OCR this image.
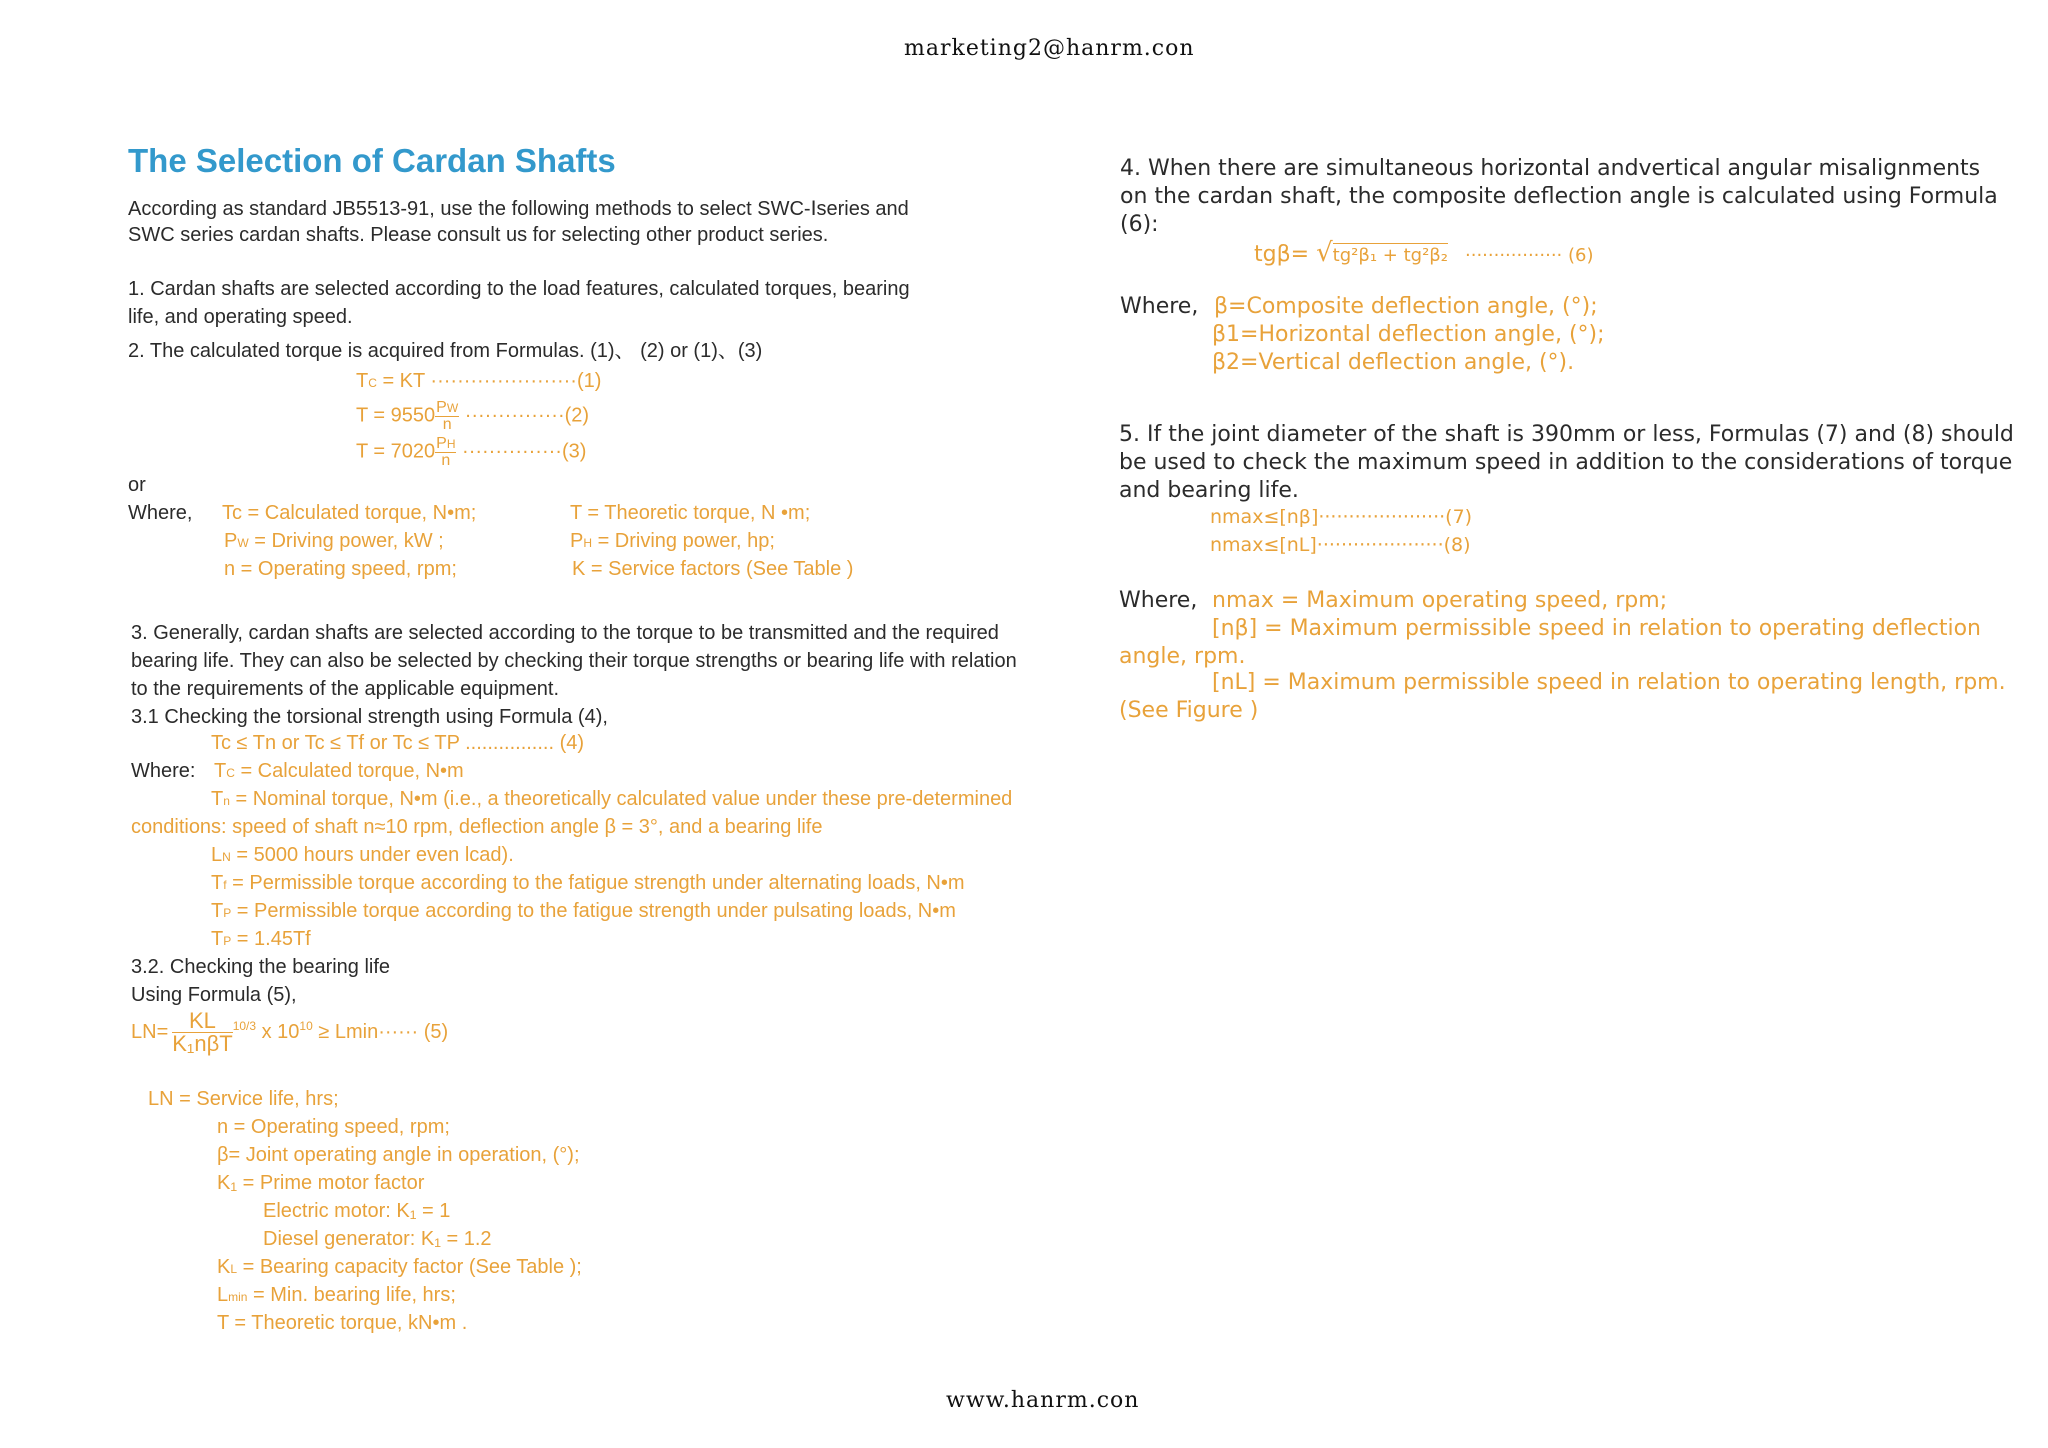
marketing2@hanrm.con
www.hanrm.con
The Selection of Cardan Shafts
According as standard JB5513-91, use the following methods to select SWC-Ⅰseries and
SWC series cardan shafts. Please consult us for selecting other product series.
1. Cardan shafts are selected according to the load features, calculated torques, bearing
life, and operating speed.
2. The calculated torque is acquired from Formulas. (1)、 (2) or (1)、(3)
TC = KT ······················(1)
$T = 9550 \frac{PW}{n} \cdot\cdot\cdot\cdot\cdot\cdot\cdot\cdot\cdot\cdot\cdot\cdot\cdot\cdot\cdot(2)$
$T = 7020 \frac{PH}{n} \cdot\cdot\cdot\cdot\cdot\cdot\cdot\cdot\cdot\cdot\cdot\cdot\cdot\cdot\cdot(3)$
or
Where, Tc = Calculated torque, N•m;	T = Theoretic torque, N •m;
PW = Driving power, kW ;	PH = Driving power, hp;
n = Operating speed, rpm;	K = Service factors (See Table )
3. Generally, cardan shafts are selected according to the torque to be transmitted and the required
bearing life. They can also be selected by checking their torque strengths or bearing life with relation
to the requirements of the applicable equipment.
3.1 Checking the torsional strength using Formula (4),
Tc ≤ Tn or Tc ≤ Tf or Tc ≤ TP ................ (4)
Where: TC = Calculated torque, N•m
Tn = Nominal torque, N•m (i.e., a theoretically calculated value under these pre-determined
conditions: speed of shaft n≈10 rpm, deflection angle β = 3°, and a bearing life
LN = 5000 hours under even lcad).
Tf = Permissible torque according to the fatigue strength under alternating loads, N•m
TP = Permissible torque according to the fatigue strength under pulsating loads, N•m
TP = 1.45Tf
3.2. Checking the bearing life
Using Formula (5),
$LN= \frac{KL}{\text{K₁nβT}} ^{10/3}$ x $10^{10} \ge Lmin\cdot\cdot\cdot\cdot\cdot\cdot (5)$
LN = Service life, hrs;
n = Operating speed, rpm;
β= Joint operating angle in operation, (°);
K₁ = Prime motor factor
Electric motor: K₁ = 1
Diesel generator: K₁ = 1.2
KL = Bearing capacity factor (See Table );
Lmin = Min. bearing life, hrs;
T = Theoretic torque, kN•m .
4. When there are simultaneous horizontal andvertical angular misalignments
on the cardan shaft, the composite deflection angle is calculated using Formula
(6):
tgβ= √tg²β₁ + tg²β₂ ················· (6)
Where, β=Composite deflection angle, (°);
β1=Horizontal deflection angle, (°);
β2=Vertical deflection angle, (°).
5. If the joint diameter of the shaft is 390mm or less, Formulas (7) and (8) should
be used to check the maximum speed in addition to the considerations of torque
and bearing life.
nmax≤[nβ]·····················(7)
nmax≤[nL]·····················(8)
Where, nmax = Maximum operating speed, rpm;
[nβ] = Maximum permissible speed in relation to operating deflection
angle, rpm.
[nL] = Maximum permissible speed in relation to operating length, rpm.
(See Figure )
